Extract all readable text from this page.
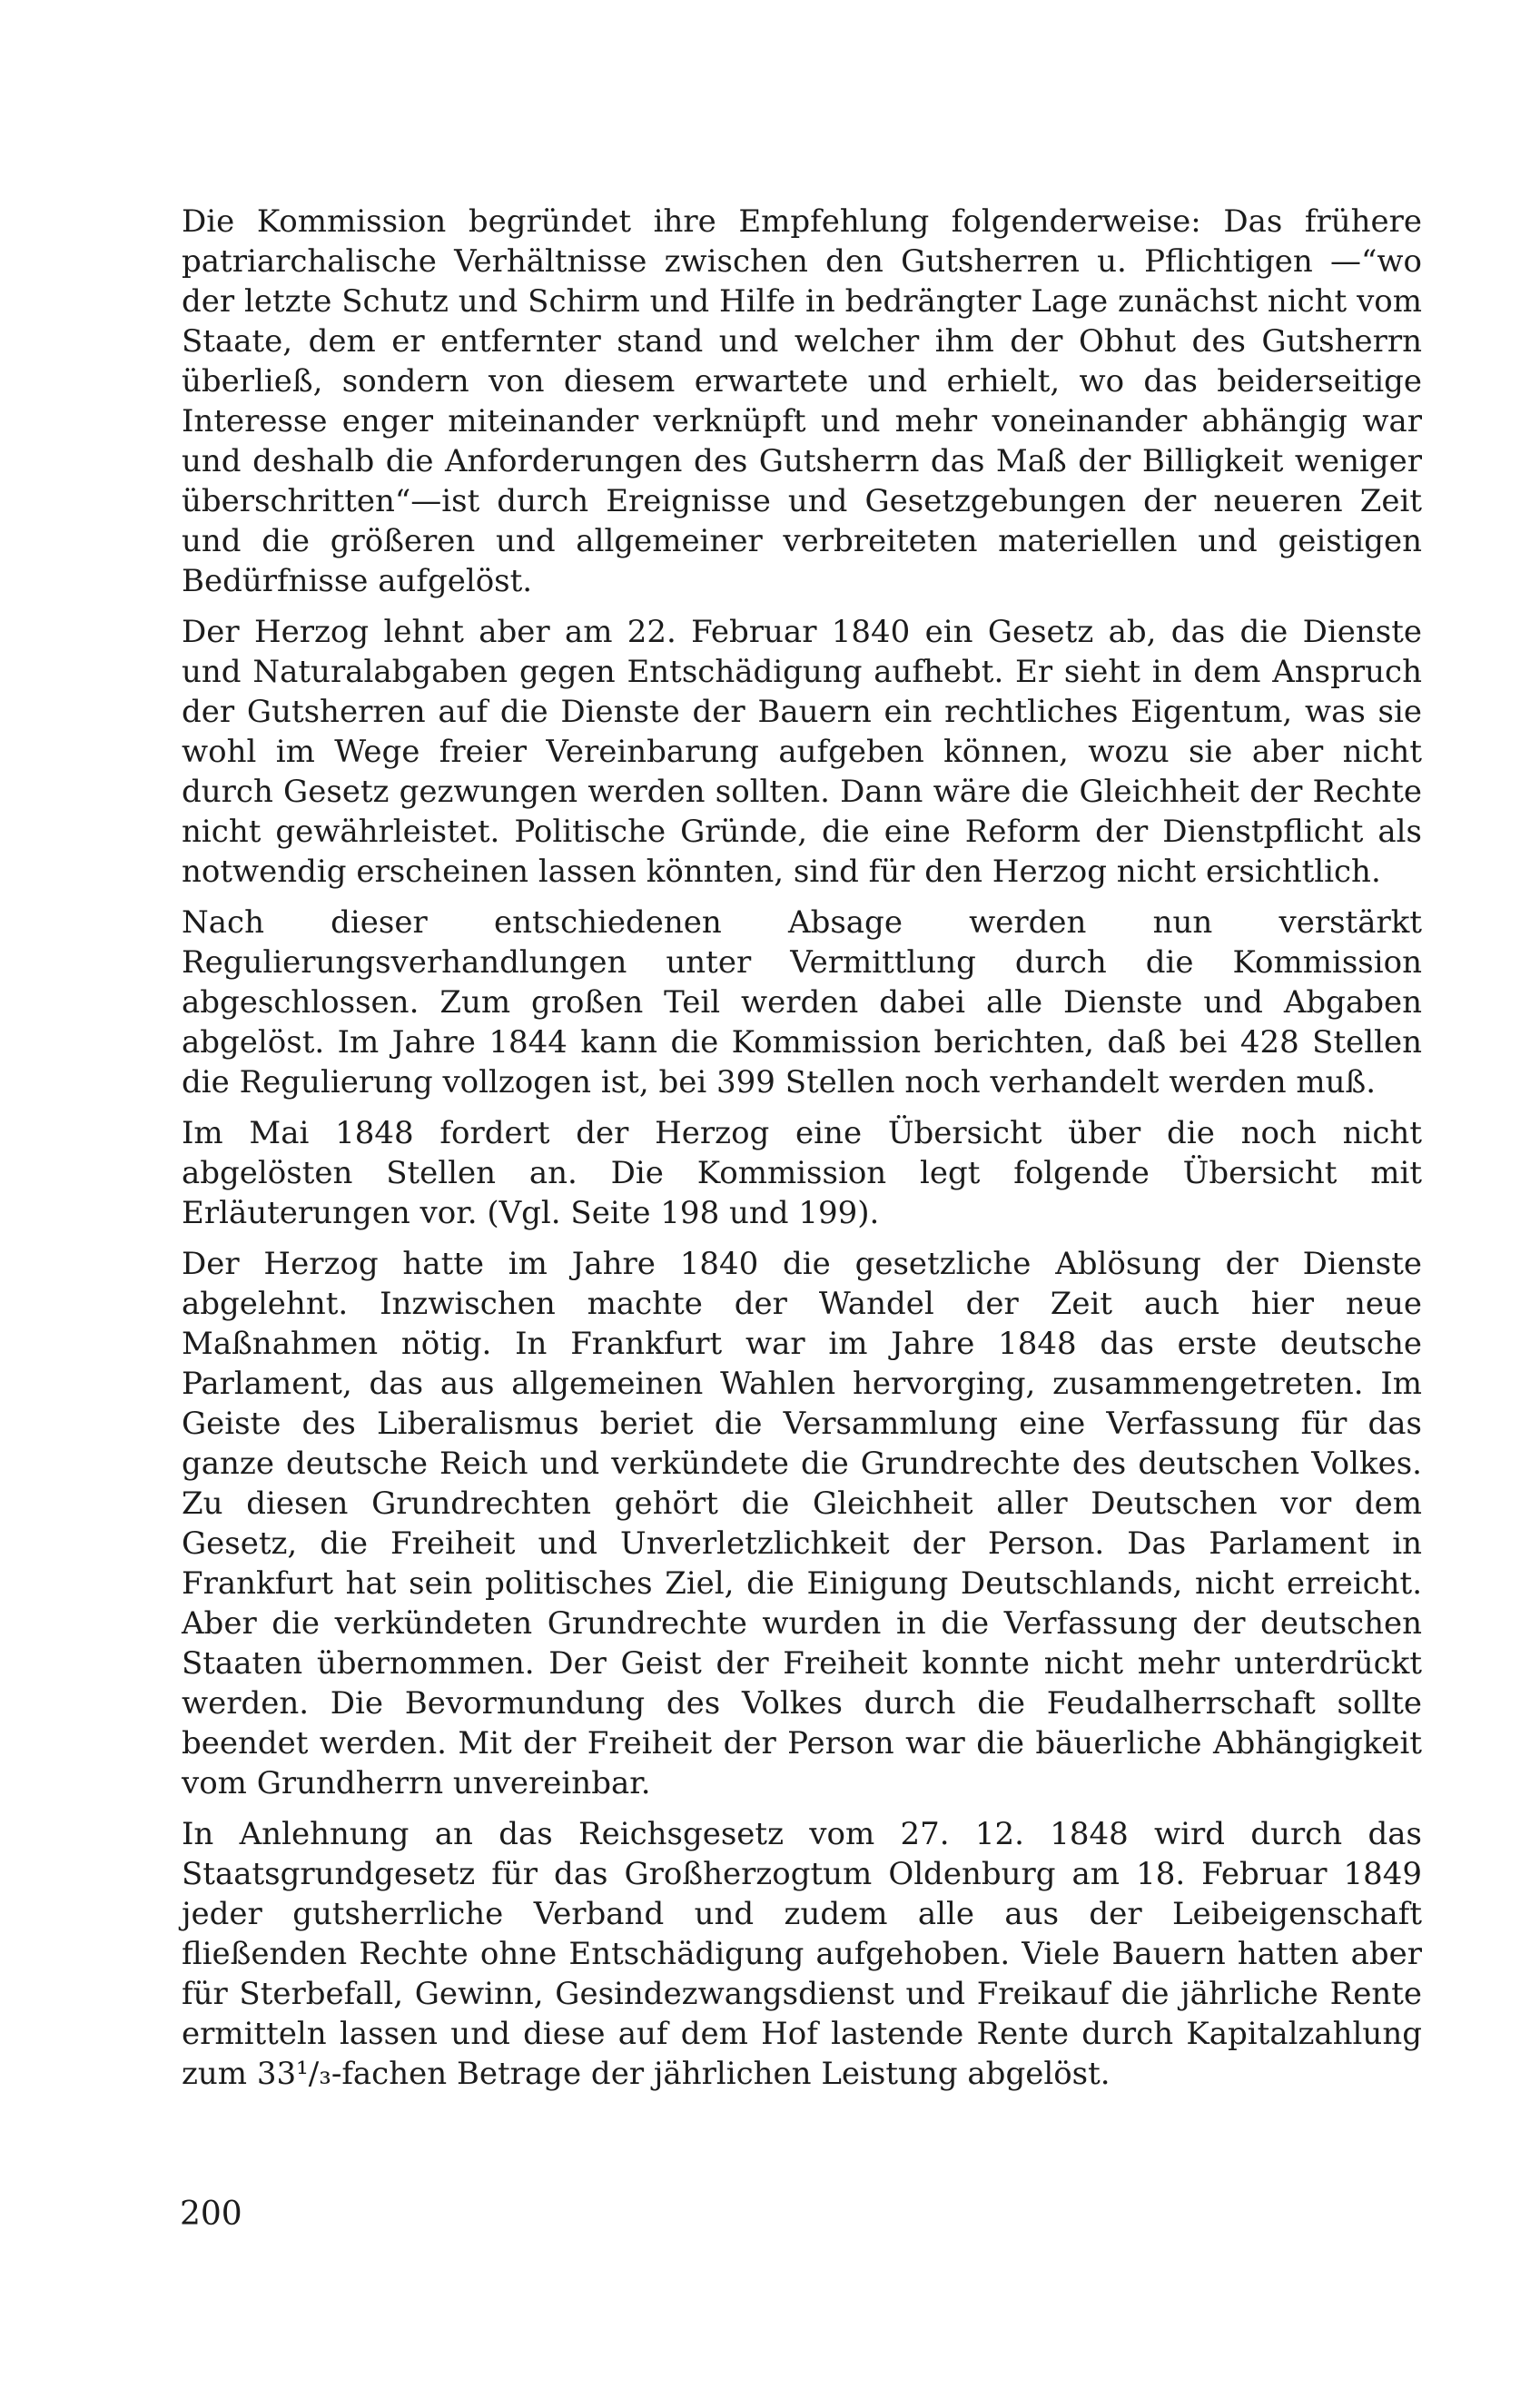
Die Kommission begründet ihre Empfehlung folgenderweise: Das frühere patriarchalische Verhältnisse zwischen den Gutsherren u. Pflichtigen —“wo der letzte Schutz und Schirm und Hilfe in bedrängter Lage zunächst nicht vom Staate, dem er entfernter stand und welcher ihm der Obhut des Gutsherrn überließ, sondern von diesem erwartete und erhielt, wo das beiderseitige Interesse enger miteinander verknüpft und mehr voneinander abhängig war und deshalb die Anforderungen des Gutsherrn das Maß der Billigkeit weniger überschritten“—ist durch Ereignisse und Gesetzgebungen der neueren Zeit und die größeren und allgemeiner verbreiteten materiellen und geistigen Bedürfnisse aufgelöst.

Der Herzog lehnt aber am 22. Februar 1840 ein Gesetz ab, das die Dienste und Naturalabgaben gegen Entschädigung aufhebt. Er sieht in dem Anspruch der Gutsherren auf die Dienste der Bauern ein rechtliches Eigentum, was sie wohl im Wege freier Vereinbarung aufgeben können, wozu sie aber nicht durch Gesetz gezwungen werden sollten. Dann wäre die Gleichheit der Rechte nicht gewährleistet. Politische Gründe, die eine Reform der Dienstpflicht als notwendig erscheinen lassen könnten, sind für den Herzog nicht ersichtlich.

Nach dieser entschiedenen Absage werden nun verstärkt Regulierungsverhandlungen unter Vermittlung durch die Kommission abgeschlossen. Zum großen Teil werden dabei alle Dienste und Abgaben abgelöst. Im Jahre 1844 kann die Kommission berichten, daß bei 428 Stellen die Regulierung vollzogen ist, bei 399 Stellen noch verhandelt werden muß.

Im Mai 1848 fordert der Herzog eine Übersicht über die noch nicht abgelösten Stellen an. Die Kommission legt folgende Übersicht mit Erläuterungen vor. (Vgl. Seite 198 und 199).

Der Herzog hatte im Jahre 1840 die gesetzliche Ablösung der Dienste abgelehnt. Inzwischen machte der Wandel der Zeit auch hier neue Maßnahmen nötig. In Frankfurt war im Jahre 1848 das erste deutsche Parlament, das aus allgemeinen Wahlen hervorging, zusammengetreten. Im Geiste des Liberalismus beriet die Versammlung eine Verfassung für das ganze deutsche Reich und verkündete die Grundrechte des deutschen Volkes. Zu diesen Grundrechten gehört die Gleichheit aller Deutschen vor dem Gesetz, die Freiheit und Unverletzlichkeit der Person. Das Parlament in Frankfurt hat sein politisches Ziel, die Einigung Deutschlands, nicht erreicht. Aber die verkündeten Grundrechte wurden in die Verfassung der deutschen Staaten übernommen. Der Geist der Freiheit konnte nicht mehr unterdrückt werden. Die Bevormundung des Volkes durch die Feudalherrschaft sollte beendet werden. Mit der Freiheit der Person war die bäuerliche Abhängigkeit vom Grundherrn unvereinbar.

In Anlehnung an das Reichsgesetz vom 27. 12. 1848 wird durch das Staatsgrundgesetz für das Großherzogtum Oldenburg am 18. Februar 1849 jeder gutsherrliche Verband und zudem alle aus der Leibeigenschaft fließenden Rechte ohne Entschädigung aufgehoben. Viele Bauern hatten aber für Sterbefall, Gewinn, Gesindezwangsdienst und Freikauf die jährliche Rente ermitteln lassen und diese auf dem Hof lastende Rente durch Kapitalzahlung zum 33¹/₃-fachen Betrage der jährlichen Leistung abgelöst.

200
